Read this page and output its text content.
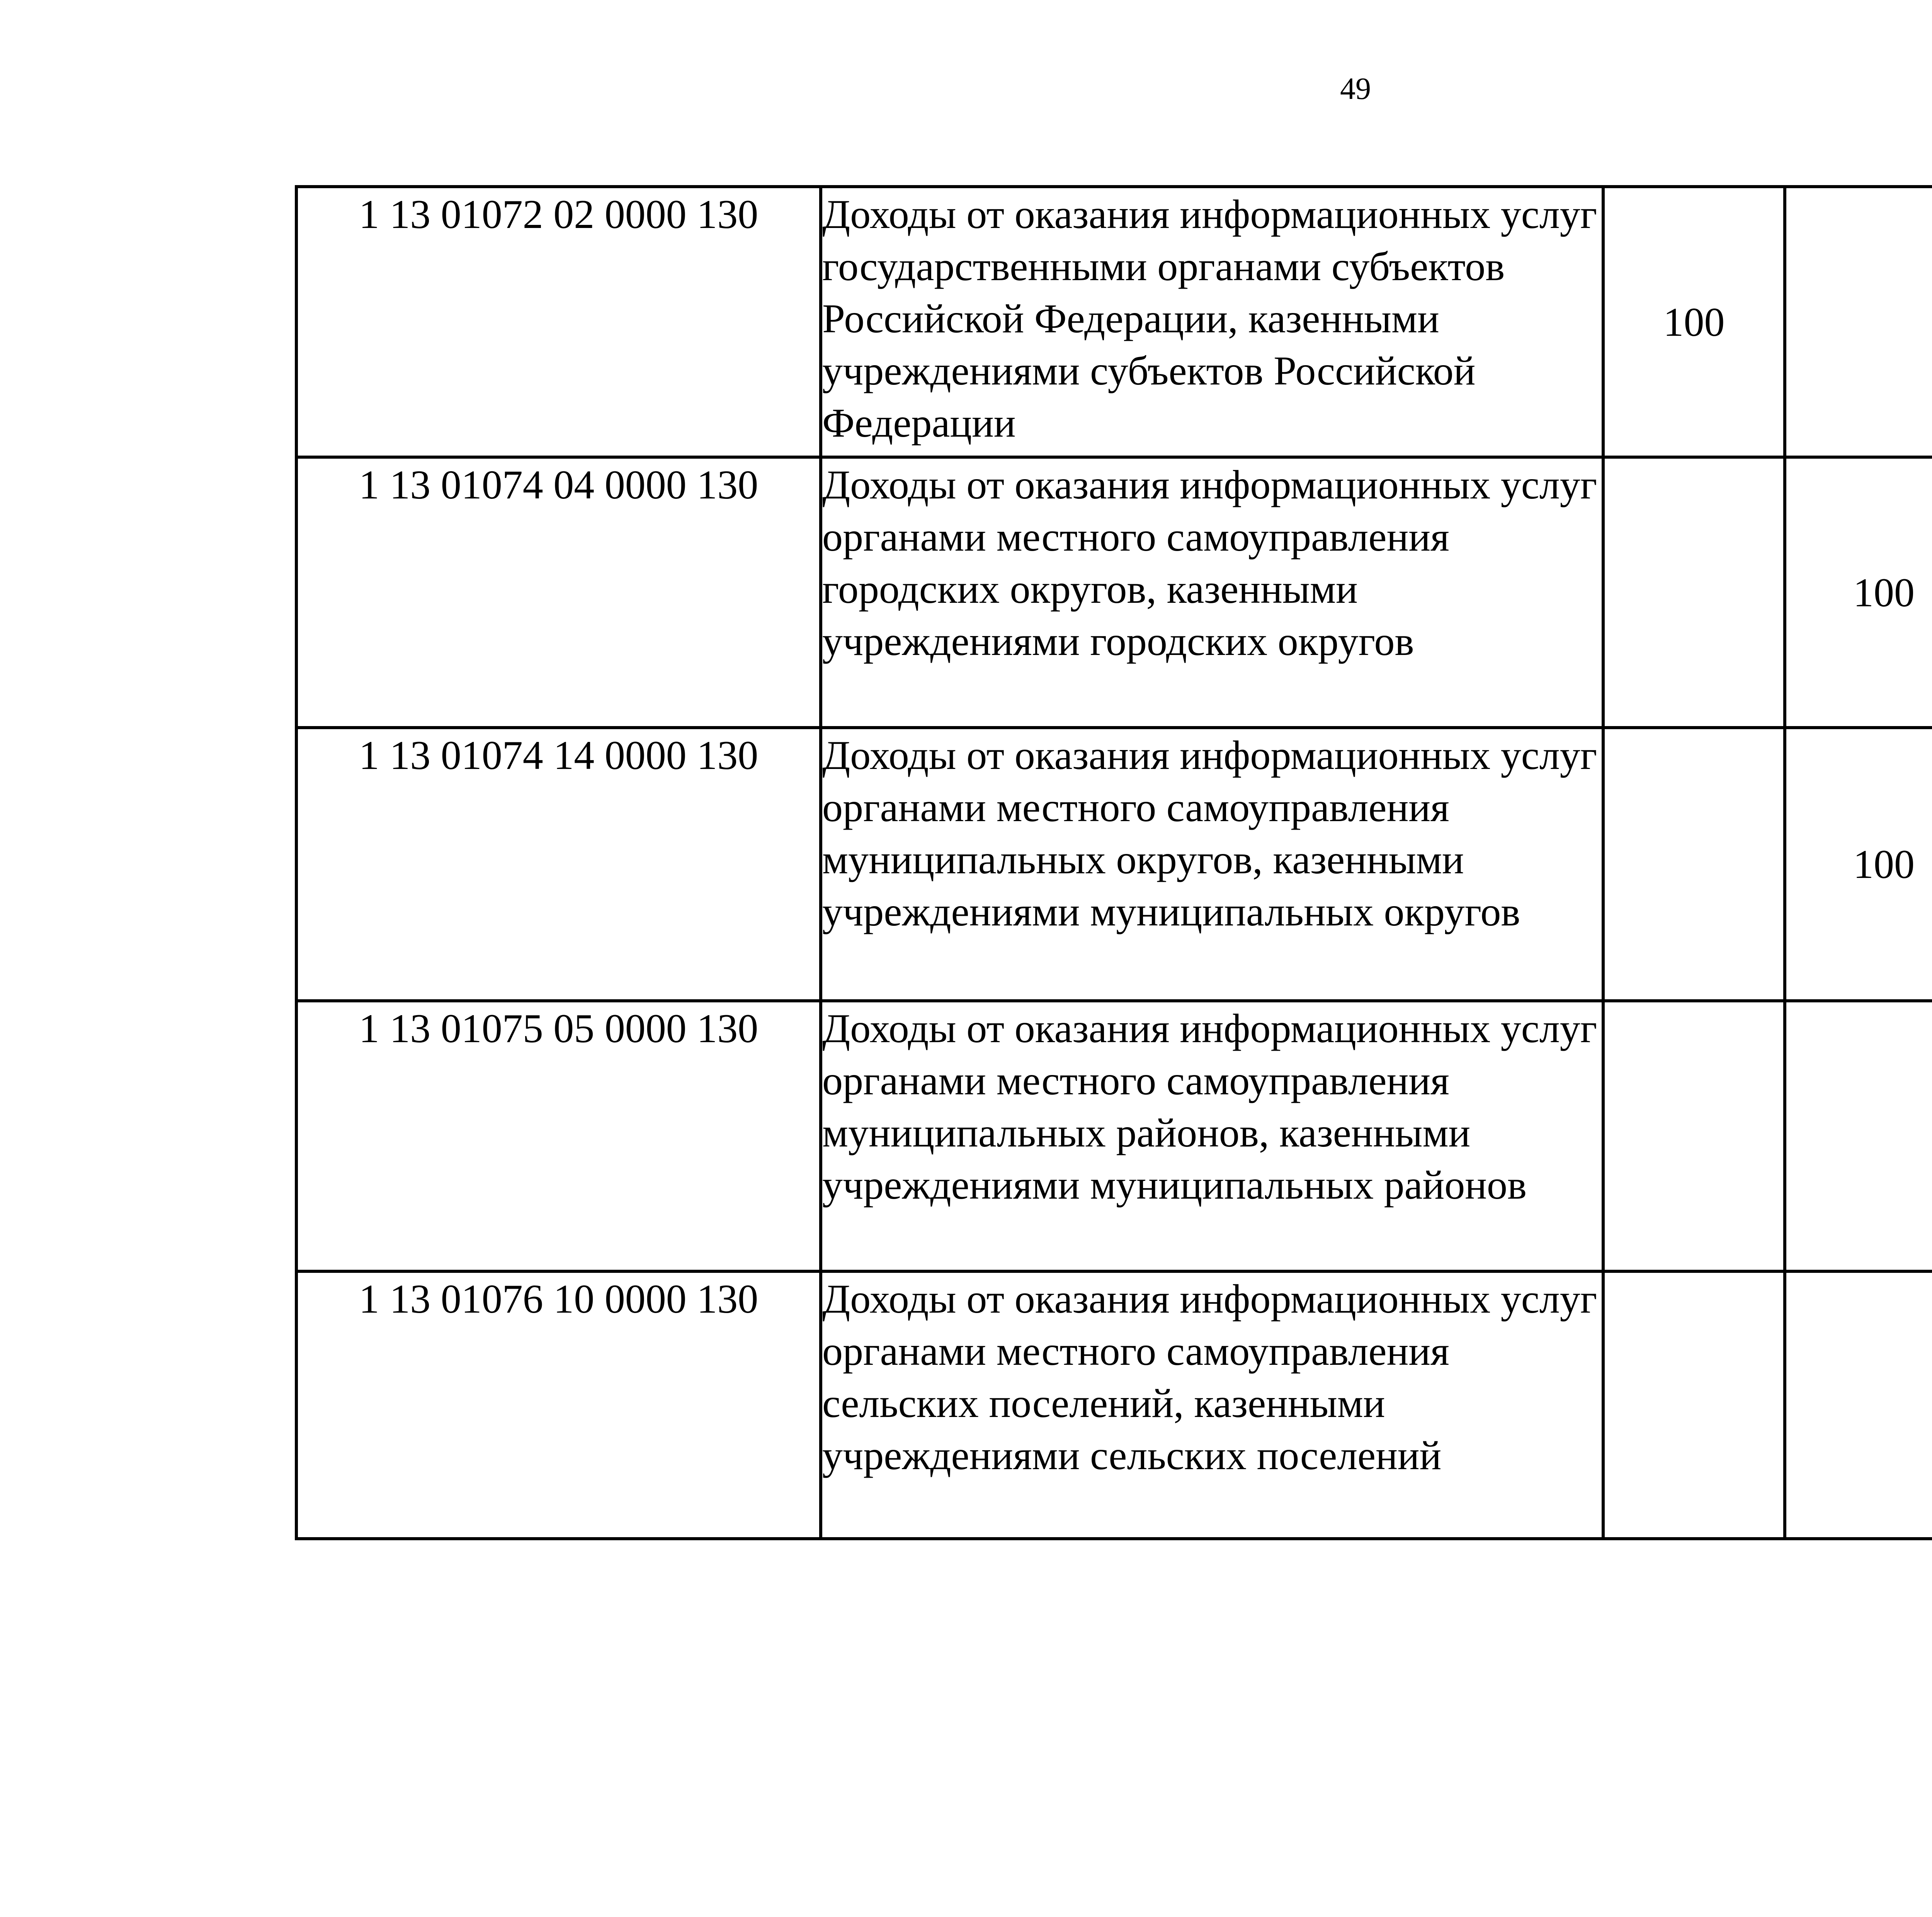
49
1 13 01072 02 0000 130	Доходы от оказания информационных услуг государственными органами субъектов Российской Федерации, казенными учреждениями субъектов Российской Федерации	100				
1 13 01074 04 0000 130	Доходы от оказания информационных услуг органами местного самоуправления городских округов, казенными учреждениями городских округов		100			
1 13 01074 14 0000 130	Доходы от оказания информационных услуг органами местного самоуправления муниципальных округов, казенными учреждениями муниципальных округов		100			
1 13 01075 05 0000 130	Доходы от оказания информационных услуг органами местного самоуправления муниципальных районов, казенными учреждениями муниципальных районов					
1 13 01076 10 0000 130	Доходы от оказания информационных услуг органами местного самоуправления сельских поселений, казенными учреждениями сельских поселений					
